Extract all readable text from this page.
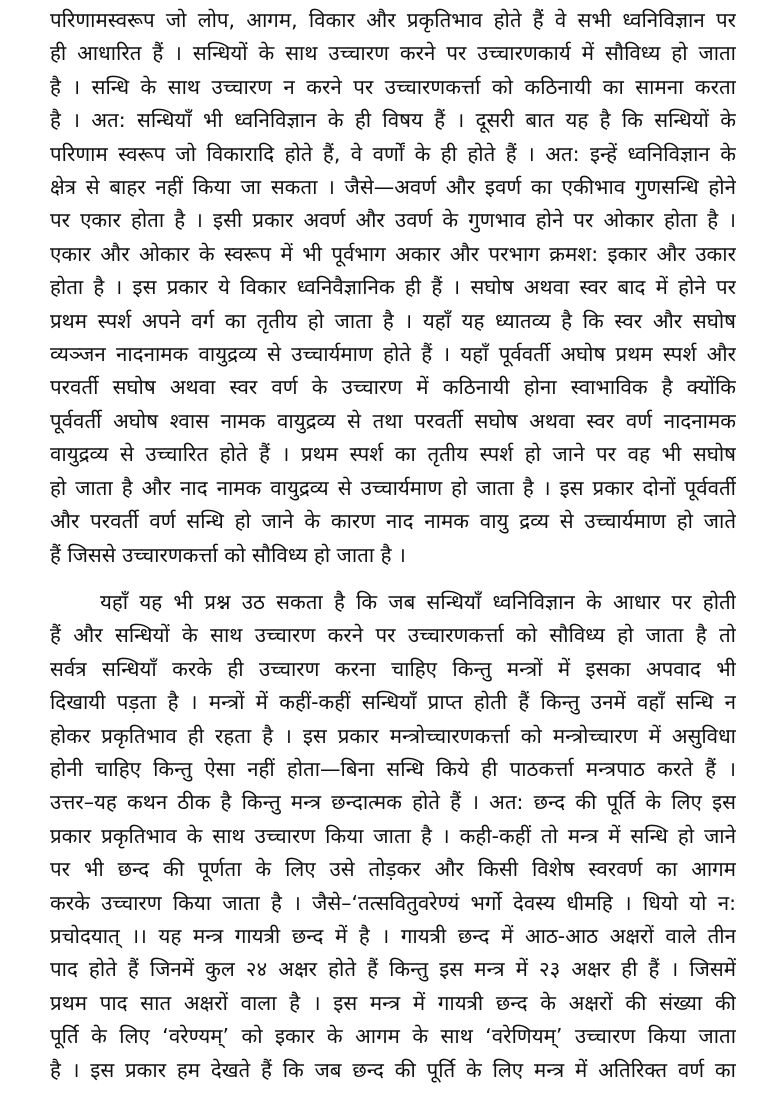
परिणामस्वरूप जो लोप, आगम, विकार और प्रकृतिभाव होते हैं वे सभी ध्वनिविज्ञान पर
ही आधारित हैं । सन्धियों के साथ उच्चारण करने पर उच्चारणकार्य में सौविध्य हो जाता
है । सन्धि के साथ उच्चारण न करने पर उच्चारणकर्त्ता को कठिनायी का सामना करता
है । अत: सन्धियाँ भी ध्वनिविज्ञान के ही विषय हैं । दूसरी बात यह है कि सन्धियों के
परिणाम स्वरूप जो विकारादि होते हैं, वे वर्णों के ही होते हैं । अत: इन्हें ध्वनिविज्ञान के
क्षेत्र से बाहर नहीं किया जा सकता । जैसे—अवर्ण और इवर्ण का एकीभाव गुणसन्धि होने
पर एकार होता है । इसी प्रकार अवर्ण और उवर्ण के गुणभाव होने पर ओकार होता है ।
एकार और ओकार के स्वरूप में भी पूर्वभाग अकार और परभाग क्रमश: इकार और उकार
होता है । इस प्रकार ये विकार ध्वनिवैज्ञानिक ही हैं । सघोष अथवा स्वर बाद में होने पर
प्रथम स्पर्श अपने वर्ग का तृतीय हो जाता है । यहाँ यह ध्यातव्य है कि स्वर और सघोष
व्यञ्जन नादनामक वायुद्रव्य से उच्चार्यमाण होते हैं । यहाँ पूर्ववर्ती अघोष प्रथम स्पर्श और
परवर्ती सघोष अथवा स्वर वर्ण के उच्चारण में कठिनायी होना स्वाभाविक है क्योंकि
पूर्ववर्ती अघोष श्वास नामक वायुद्रव्य से तथा परवर्ती सघोष अथवा स्वर वर्ण नादनामक
वायुद्रव्य से उच्चारित होते हैं । प्रथम स्पर्श का तृतीय स्पर्श हो जाने पर वह भी सघोष
हो जाता है और नाद नामक वायुद्रव्य से उच्चार्यमाण हो जाता है । इस प्रकार दोनों पूर्ववर्ती
और परवर्ती वर्ण सन्धि हो जाने के कारण नाद नामक वायु द्रव्य से उच्चार्यमाण हो जाते
हैं जिससे उच्चारणकर्त्ता को सौविध्य हो जाता है ।
यहाँ यह भी प्रश्न उठ सकता है कि जब सन्धियाँ ध्वनिविज्ञान के आधार पर होती
हैं और सन्धियों के साथ उच्चारण करने पर उच्चारणकर्त्ता को सौविध्य हो जाता है तो
सर्वत्र सन्धियाँ करके ही उच्चारण करना चाहिए किन्तु मन्त्रों में इसका अपवाद भी
दिखायी पड़ता है । मन्त्रों में कहीं-कहीं सन्धियाँ प्राप्त होती हैं किन्तु उनमें वहाँ सन्धि न
होकर प्रकृतिभाव ही रहता है । इस प्रकार मन्त्रोच्चारणकर्त्ता को मन्त्रोच्चारण में असुविधा
होनी चाहिए किन्तु ऐसा नहीं होता—बिना सन्धि किये ही पाठकर्त्ता मन्त्रपाठ करते हैं ।
उत्तर–यह कथन ठीक है किन्तु मन्त्र छन्दात्मक होते हैं । अत: छन्द की पूर्ति के लिए इस
प्रकार प्रकृतिभाव के साथ उच्चारण किया जाता है । कही-कहीं तो मन्त्र में सन्धि हो जाने
पर भी छन्द की पूर्णता के लिए उसे तोड़कर और किसी विशेष स्वरवर्ण का आगम
करके उच्चारण किया जाता है । जैसे–‘तत्सवितुवरेण्यं भर्गो देवस्य धीमहि । धियो यो न:
प्रचोदयात् ।। यह मन्त्र गायत्री छन्द में है । गायत्री छन्द में आठ-आठ अक्षरों वाले तीन
पाद होते हैं जिनमें कुल २४ अक्षर होते हैं किन्तु इस मन्त्र में २३ अक्षर ही हैं । जिसमें
प्रथम पाद सात अक्षरों वाला है । इस मन्त्र में गायत्री छन्द के अक्षरों की संख्या की
पूर्ति के लिए ‘वरेण्यम्’ को इकार के आगम के साथ ‘वरेणियम्’ उच्चारण किया जाता
है । इस प्रकार हम देखते हैं कि जब छन्द की पूर्ति के लिए मन्त्र में अतिरिक्त वर्ण का
